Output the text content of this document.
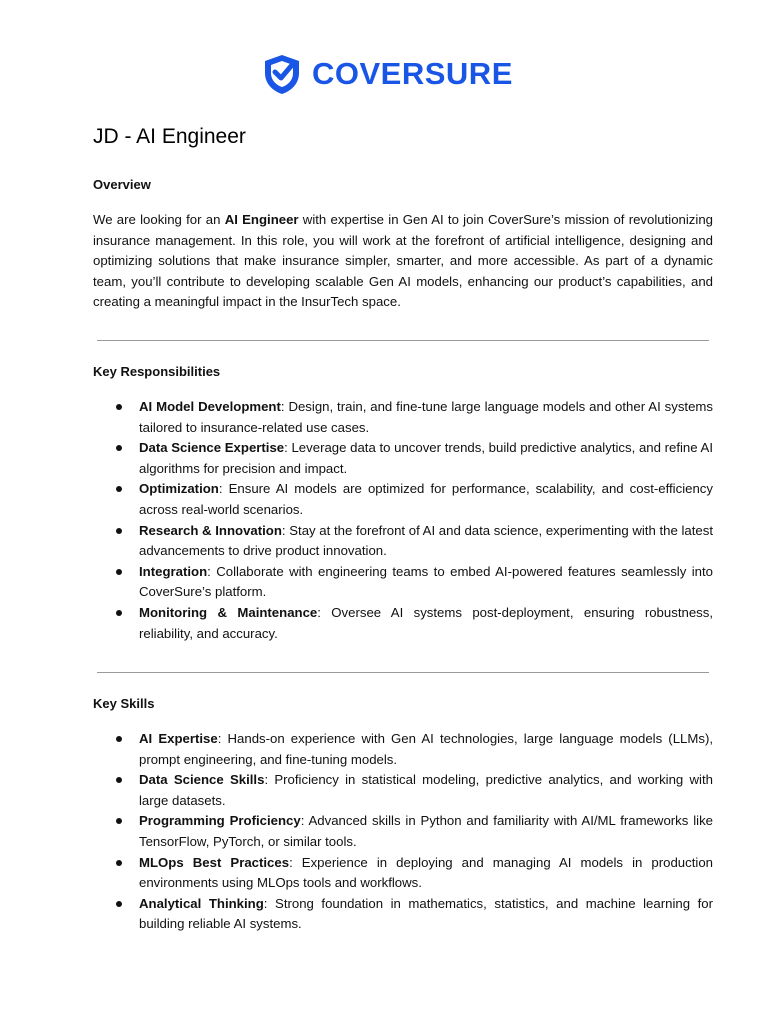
COVERSURE
JD - AI Engineer
Overview

We are looking for an AI Engineer with expertise in Gen AI to join CoverSure’s mission of revolutionizing insurance management. In this role, you will work at the forefront of artificial intelligence, designing and optimizing solutions that make insurance simpler, smarter, and more accessible. As part of a dynamic team, you’ll contribute to developing scalable Gen AI models, enhancing our product’s capabilities, and creating a meaningful impact in the InsurTech space.

Key Responsibilities
AI Model Development: Design, train, and fine-tune large language models and other AI systems tailored to insurance-related use cases.
Data Science Expertise: Leverage data to uncover trends, build predictive analytics, and refine AI algorithms for precision and impact.
Optimization: Ensure AI models are optimized for performance, scalability, and cost-efficiency across real-world scenarios.
Research & Innovation: Stay at the forefront of AI and data science, experimenting with the latest advancements to drive product innovation.
Integration: Collaborate with engineering teams to embed AI-powered features seamlessly into CoverSure’s platform.
Monitoring & Maintenance: Oversee AI systems post-deployment, ensuring robustness, reliability, and accuracy.
Key Skills
AI Expertise: Hands-on experience with Gen AI technologies, large language models (LLMs), prompt engineering, and fine-tuning models.
Data Science Skills: Proficiency in statistical modeling, predictive analytics, and working with large datasets.
Programming Proficiency: Advanced skills in Python and familiarity with AI/ML frameworks like TensorFlow, PyTorch, or similar tools.
MLOps Best Practices: Experience in deploying and managing AI models in production environments using MLOps tools and workflows.
Analytical Thinking: Strong foundation in mathematics, statistics, and machine learning for building reliable AI systems.
